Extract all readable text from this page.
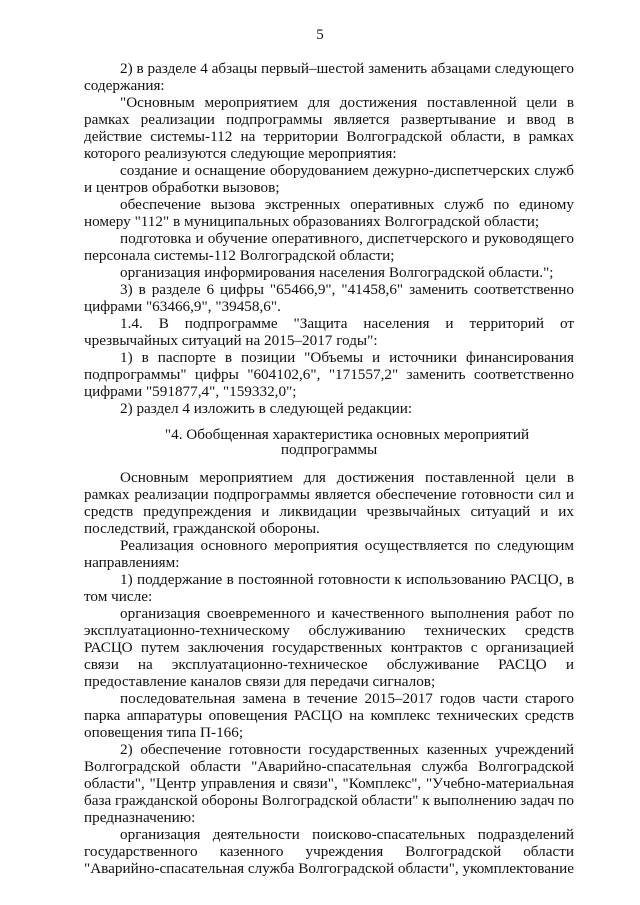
5

2) в разделе 4 абзацы первый–шестой заменить абзацами следующего содержания:

"Основным мероприятием для достижения поставленной цели в рамках реализации подпрограммы является развертывание и ввод в действие системы-112 на территории Волгоградской области, в рамках которого реализуются следующие мероприятия:

создание и оснащение оборудованием дежурно-диспетчерских служб и центров обработки вызовов;

обеспечение вызова экстренных оперативных служб по единому номеру "112" в муниципальных образованиях Волгоградской области;

подготовка и обучение оперативного, диспетчерского и руководящего персонала системы-112 Волгоградской области;

организация информирования населения Волгоградской области.";

3) в разделе 6 цифры "65466,9", "41458,6" заменить соответственно цифрами "63466,9", "39458,6".

1.4. В подпрограмме "Защита населения и территорий от чрезвычайных ситуаций на 2015–2017 годы":

1) в паспорте в позиции "Объемы и источники финансирования подпрограммы" цифры "604102,6", "171557,2" заменить соответственно цифрами "591877,4", "159332,0";

2) раздел 4 изложить в следующей редакции:

"4. Обобщенная характеристика основных мероприятий
подпрограммы

Основным мероприятием для достижения поставленной цели в рамках реализации подпрограммы является обеспечение готовности сил и средств предупреждения и ликвидации чрезвычайных ситуаций и их последствий, гражданской обороны.

Реализация основного мероприятия осуществляется по следующим направлениям:

1) поддержание в постоянной готовности к использованию РАСЦО, в том числе:

организация своевременного и качественного выполнения работ по эксплуатационно-техническому обслуживанию технических средств РАСЦО путем заключения государственных контрактов с организацией связи на эксплуатационно-техническое обслуживание РАСЦО и предоставление каналов связи для передачи сигналов;

последовательная замена в течение 2015–2017 годов части старого парка аппаратуры оповещения РАСЦО на комплекс технических средств оповещения типа П-166;

2) обеспечение готовности государственных казенных учреждений Волгоградской области "Аварийно-спасательная служба Волгоградской области", "Центр управления и связи", "Комплекс", "Учебно-материальная база гражданской обороны Волгоградской области" к выполнению задач по предназначению:

организация деятельности поисково-спасательных подразделений государственного казенного учреждения Волгоградской области "Аварийно-спасательная служба Волгоградской области", укомплектование
